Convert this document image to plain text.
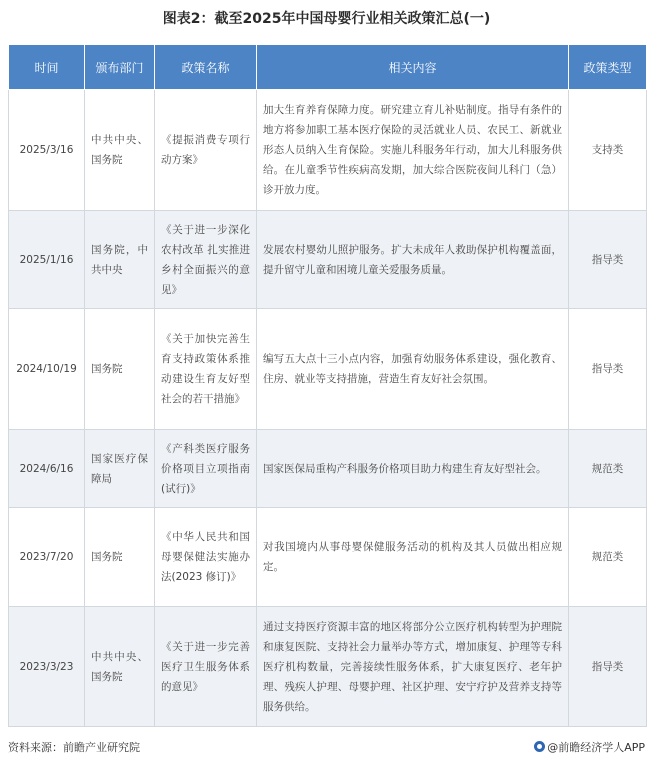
图表2：截至2025年中国母婴行业相关政策汇总(一)
时间	颁布部门	政策名称	相关内容	政策类型
2025/3/16	中共中央、国务院	《提振消费专项行动方案》	加大生育养育保障力度。研究建立育儿补贴制度。指导有条件的地方将参加职工基本医疗保险的灵活就业人员、农民工、新就业形态人员纳入生育保险。实施儿科服务年行动，加大儿科服务供给。在儿童季节性疾病高发期，加大综合医院夜间儿科门（急）诊开放力度。	支持类
2025/1/16	国务院，中共中央	《关于进一步深化农村改革 扎实推进乡村全面振兴的意见》	发展农村婴幼儿照护服务。扩大未成年人救助保护机构覆盖面，提升留守儿童和困境儿童关爱服务质量。	指导类
2024/10/19	国务院	《关于加快完善生育支持政策体系推动建设生育友好型社会的若干措施》	编写五大点十三小点内容，加强育幼服务体系建设，强化教育、住房、就业等支持措施，营造生育友好社会氛围。	指导类
2024/6/16	国家医疗保障局	《产科类医疗服务价格项目立项指南(试行)》	国家医保局重构产科服务价格项目助力构建生育友好型社会。	规范类
2023/7/20	国务院	《中华人民共和国母婴保健法实施办法(2023 修订)》	对我国境内从事母婴保健服务活动的机构及其人员做出相应规定。	规范类
2023/3/23	中共中央、国务院	《关于进一步完善医疗卫生服务体系的意见》	通过支持医疗资源丰富的地区将部分公立医疗机构转型为护理院和康复医院、支持社会力量举办等方式，增加康复、护理等专科医疗机构数量，完善接续性服务体系，扩大康复医疗、老年护理、残疾人护理、母婴护理、社区护理、安宁疗护及营养支持等服务供给。	指导类
资料来源：前瞻产业研究院	@前瞻经济学人APP
